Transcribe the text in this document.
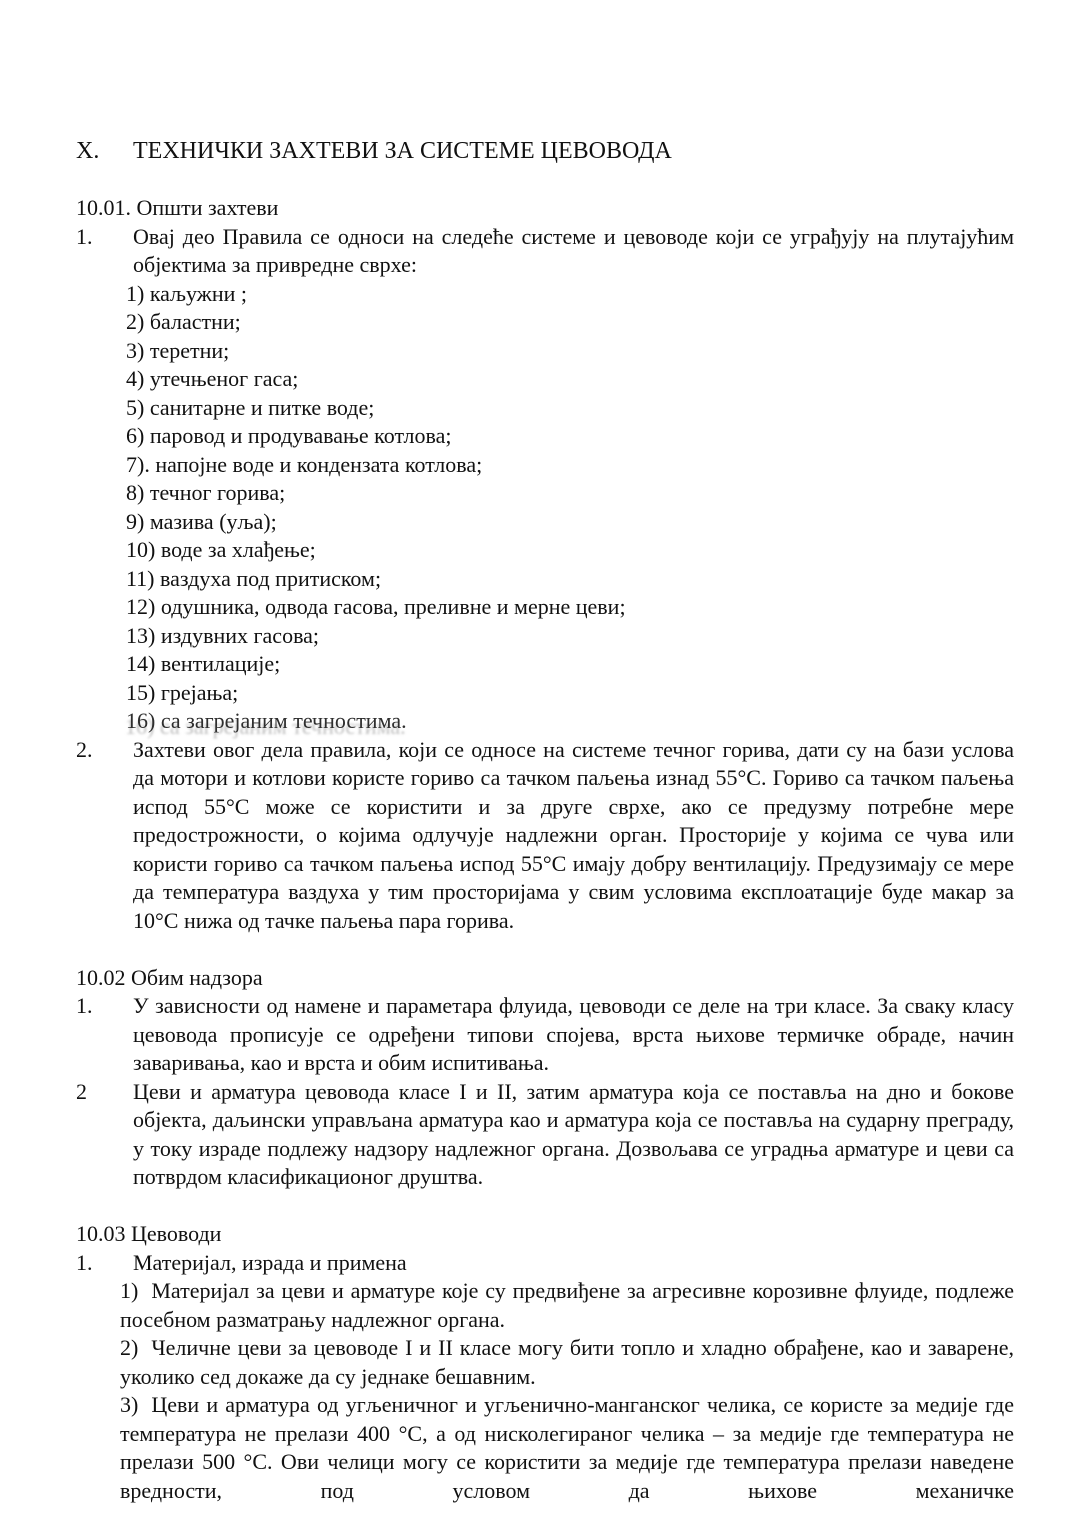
X.	ТЕХНИЧКИ ЗАХТЕВИ ЗА СИСТЕМЕ ЦЕВОВОДА

10.01. Општи захтеви

1.	Овај део Правила се односи на следеће системе и цевоводе који се уграђују на плутајућим објектима за привредне сврхе:
1) каљужни ;
2) баластни;
3) теретни;
4) утечњеног гаса;
5) санитарне и питке воде;
6) паровод и продувавање котлова;
7). напојне воде и кондензата котлова;
8) течног горива;
9) мазива (уља);
10) воде за хлађење;
11) ваздуха под притиском;
12) одушника, одвода гасова, преливне и мерне цеви;
13) издувних гасова;
14) вентилације;
15) грејања;
16) са загрејаним течностима.
2.	Захтеви овог дела правила, који се односе на системе течног горива, дати су на бази услова да мотори и котлови користе гориво са тачком паљења изнад 55°С. Гориво са тачком паљења испод 55°С може се користити и за друге сврхе, ако се предузму потребне мере предострожности, о којима одлучује надлежни орган. Просторије у којима се чува или користи гориво са тачком паљења испод 55°С имају добру вентилацију. Предузимају се мере да температура ваздуха у тим просторијама у свим условима експлоатације буде макар за 10°С нижа од тачке паљења пара горива.

10.02 Обим надзора

1.	У зависности од намене и параметара флуида, цевоводи се деле на три класе. За сваку класу цевовода прописује се одређени типови спојева, врста њихове термичке обраде, начин заваривања, као и врста и обим испитивања.
2	Цеви и арматура цевовода класе I и II, затим арматура која се поставља на дно и бокове објекта, даљински управљана арматура као и арматура која се поставља на сударну преграду, у току израде подлежу надзору надлежног органа. Дозвољава се уградња арматуре и цеви са потврдом класификационог друштва.

10.03 Цевоводи

1.	Материјал, израда и примена
1) Материјал за цеви и арматуре које су предвиђене за агресивне корозивне флуиде, подлеже посебном разматрању надлежног органа.
2) Челичне цеви за цевоводе I и II класе могу бити топло и хладно обрађене, као и заварене, уколико сед докаже да су једнаке бешавним.
3) Цеви и арматура од угљеничног и угљенично-манганског челика, се користе за медије где температура не прелази 400 °С, а од нисколегираног челика – за медије где температура не прелази 500 °С. Ови челици могу се користити за медије где температура прелази наведене вредности, под условом да њихове механичке
